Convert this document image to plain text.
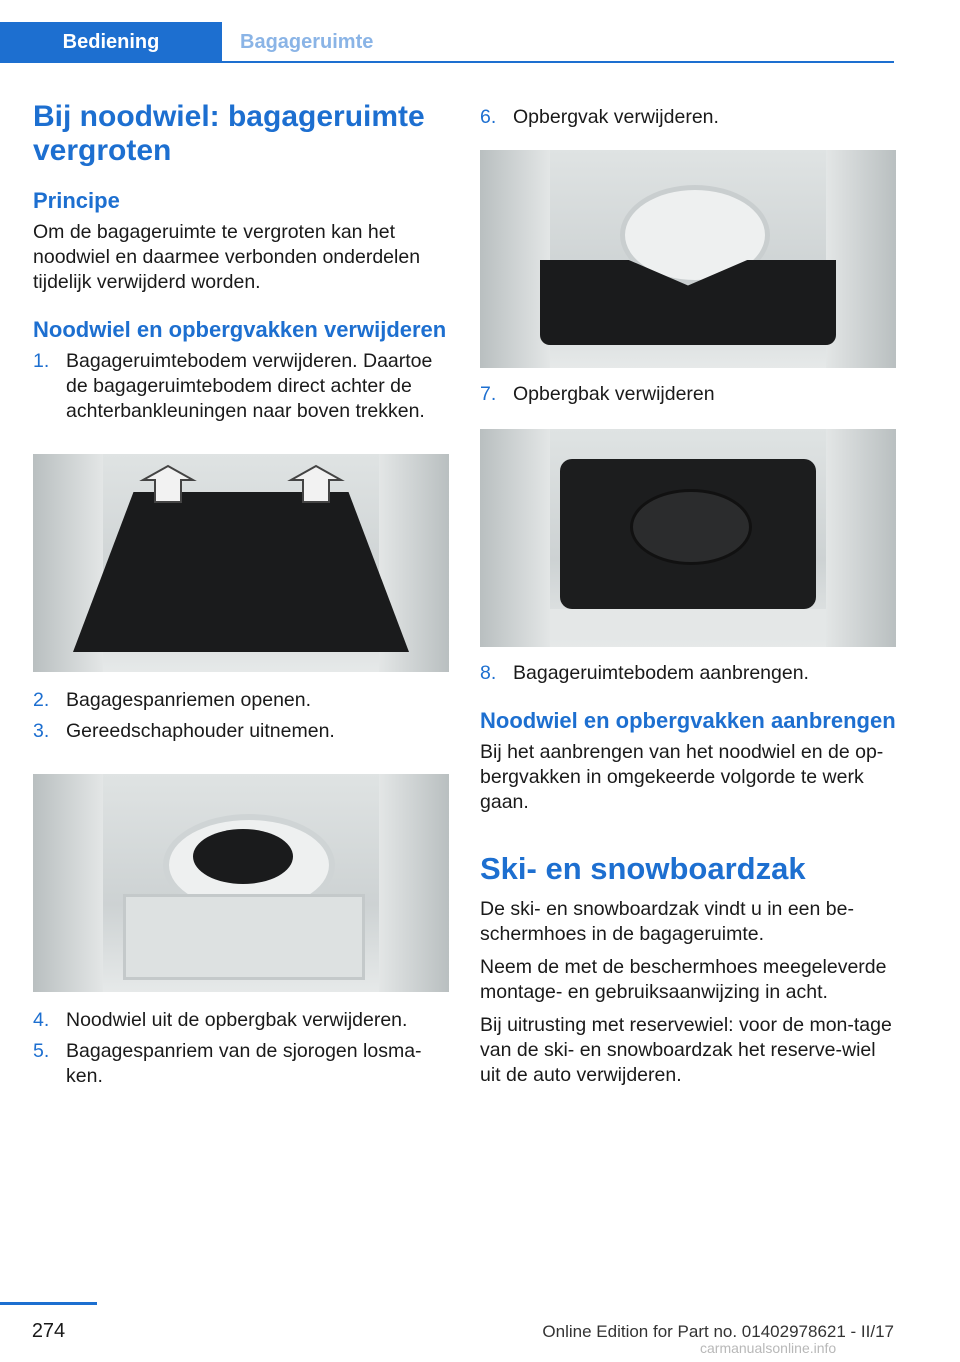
Bediening	Bagageruimte
Bij noodwiel: bagageruimte vergroten
Principe

Om de bagageruimte te vergroten kan het noodwiel en daarmee verbonden onderdelen tijdelijk verwijderd worden.

Noodwiel en opbergvakken verwijderen
1. Bagageruimtebodem verwijderen. Daartoe de bagageruimtebodem direct achter de achterbankleuningen naar boven trekken.
2. Bagagespanriemen openen.
3. Gereedschaphouder uitnemen.
4. Noodwiel uit de opbergbak verwijderen.
5. Bagagespanriem van de sjorogen losma‐ken.
6. Opbergvak verwijderen.
7. Opbergbak verwijderen
8. Bagageruimtebodem aanbrengen.
Noodwiel en opbergvakken aanbrengen

Bij het aanbrengen van het noodwiel en de op‐bergvakken in omgekeerde volgorde te werk gaan.

Ski- en snowboardzak

De ski- en snowboardzak vindt u in een be‐schermhoes in de bagageruimte.

Neem de met de beschermhoes meegeleverde montage- en gebruiksaanwijzing in acht.

Bij uitrusting met reservewiel: voor de mon‐tage van de ski- en snowboardzak het reserve‐wiel uit de auto verwijderen.

274	Online Edition for Part no. 01402978621 - II/17
carmanualsonline.info
